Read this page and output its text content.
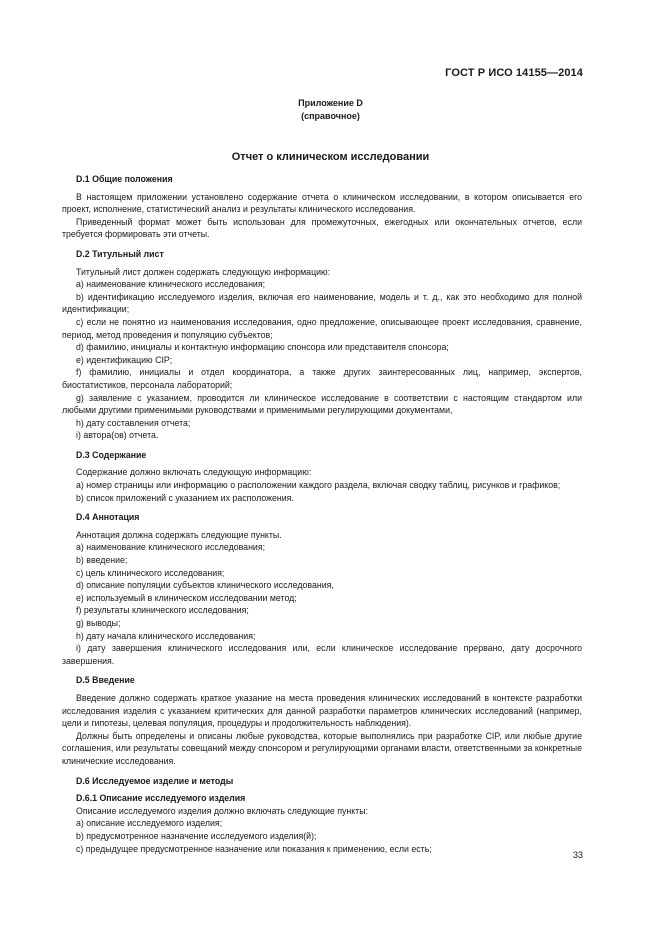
ГОСТ Р ИСО 14155—2014
Приложение D
(справочное)
Отчет о клиническом исследовании

D.1 Общие положения

В настоящем приложении установлено содержание отчета о клиническом исследовании, в котором описывается его проект, исполнение, статистический анализ и результаты клинического исследования.

Приведенный формат может быть использован для промежуточных, ежегодных или окончательных отчетов, если требуется формировать эти отчеты.

D.2 Титульный лист

Титульный лист должен содержать следующую информацию:

a) наименование клинического исследования;

b) идентификацию исследуемого изделия, включая его наименование, модель и т. д., как это необходимо для полной идентификации;

c) если не понятно из наименования исследования, одно предложение, описывающее проект исследования, сравнение, период, метод проведения и популяцию субъектов;

d) фамилию, инициалы и контактную информацию спонсора или представителя спонсора;

e) идентификацию CIP;

f) фамилию, инициалы и отдел координатора, а также других заинтересованных лиц, например, экспертов, биостатистиков, персонала лабораторий;

g) заявление с указанием, проводится ли клиническое исследование в соответствии с настоящим стандартом или любыми другими применимыми руководствами и применимыми регулирующими документами,

h) дату составления отчета;

i) автора(ов) отчета.

D.3 Содержание

Содержание должно включать следующую информацию:

a) номер страницы или информацию о расположении каждого раздела, включая сводку таблиц, рисунков и графиков;

b) список приложений с указанием их расположения.

D.4 Аннотация

Аннотация должна содержать следующие пункты.

a) наименование клинического исследования;

b) введение;

c) цель клинического исследования;

d) описание популяции субъектов клинического исследования,

e) используемый в клиническом исследовании метод;

f) результаты клинического исследования;

g) выводы;

h) дату начала клинического исследования;

i) дату завершения клинического исследования или, если клиническое исследование прервано, дату досрочного завершения.

D.5 Введение

Введение должно содержать краткое указание на места проведения клинических исследований в контексте разработки исследования изделия с указанием критических для данной разработки параметров клинических исследований (например, цели и гипотезы, целевая популяция, процедуры и продолжительность наблюдения).

Должны быть определены и описаны любые руководства, которые выполнялись при разработке CIP, или любые другие соглашения, или результаты совещаний между спонсором и регулирующими органами власти, ответственными за конкретные клинические исследования.

D.6 Исследуемое изделие и методы

D.6.1 Описание исследуемого изделия

Описание исследуемого изделия должно включать следующие пункты:

a) описание исследуемого изделия;

b) предусмотренное назначение исследуемого изделия(й);

c) предыдущее предусмотренное назначение или показания к применению, если есть;

33
